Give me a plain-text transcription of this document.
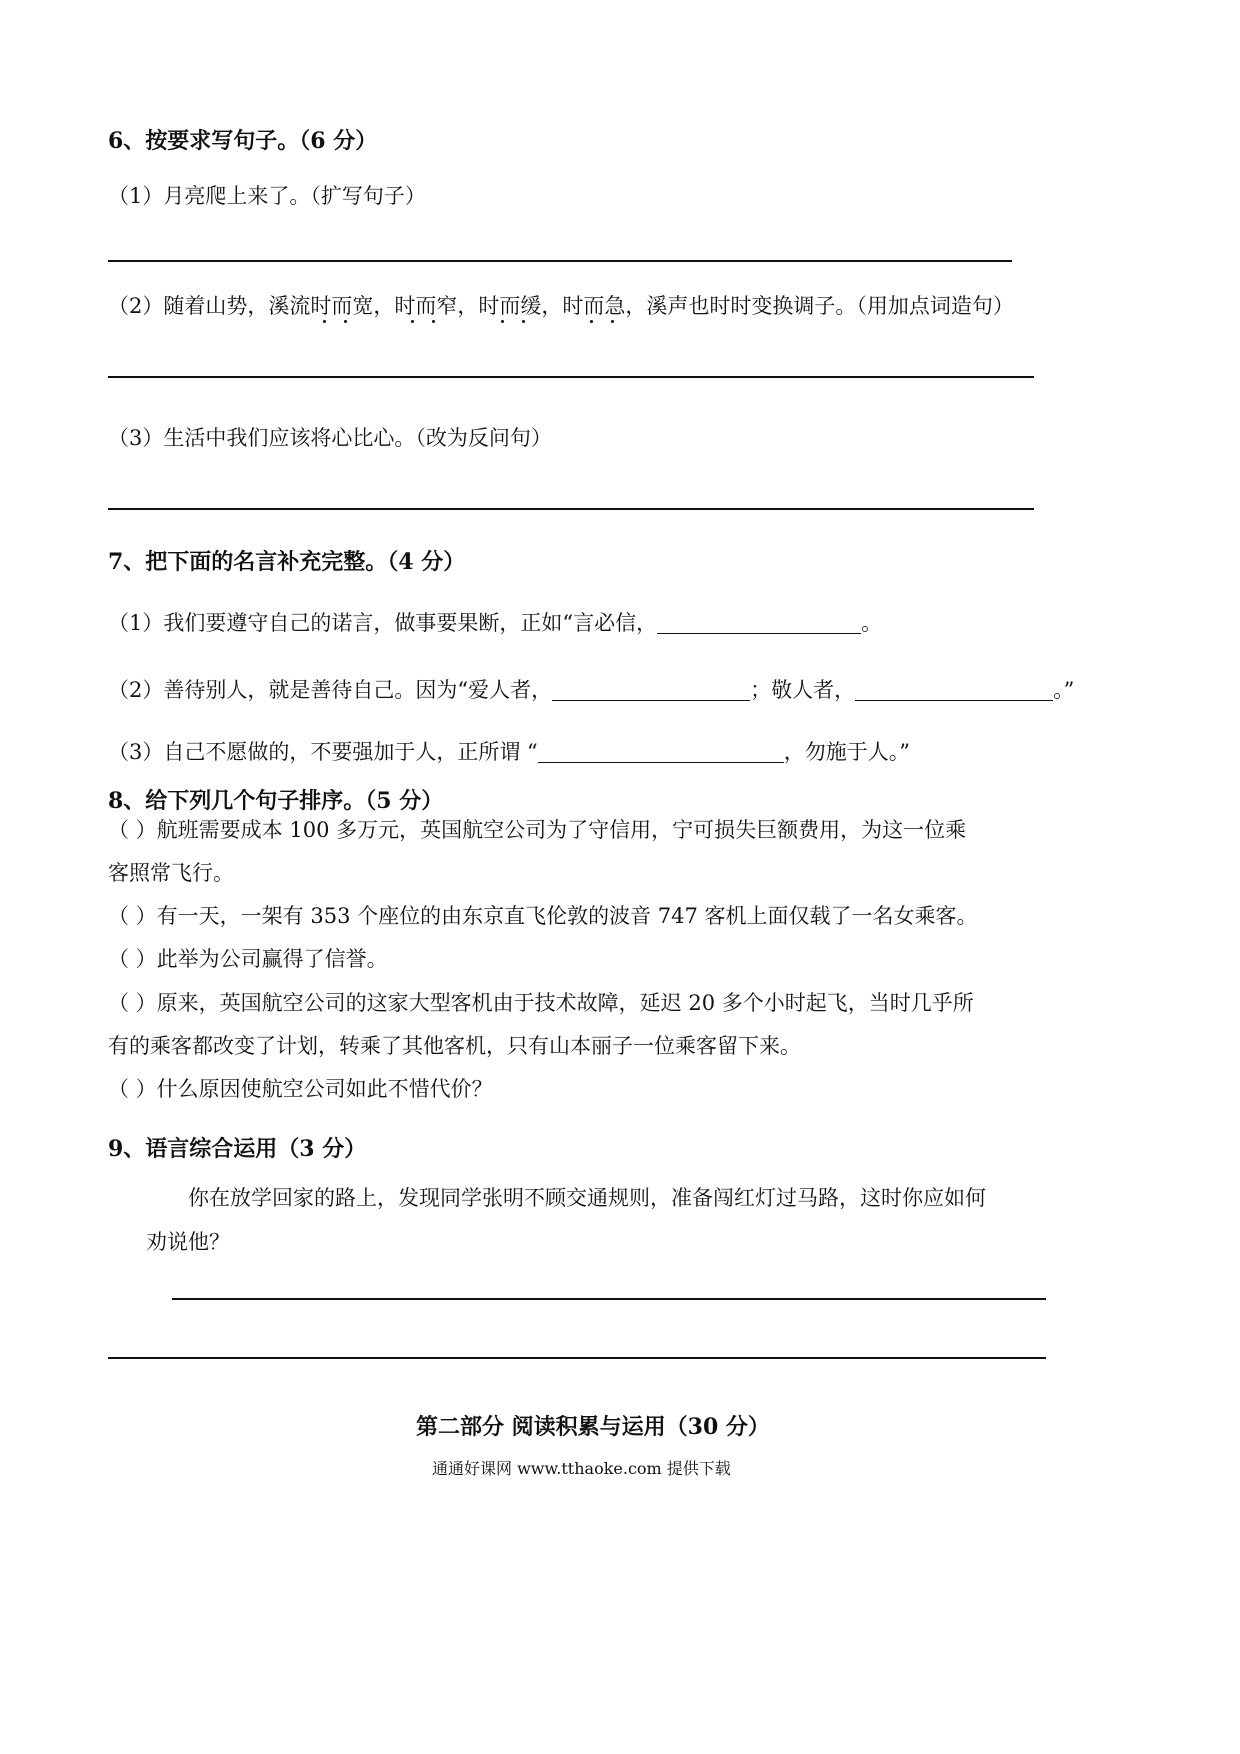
6、按要求写句子。（6 分）
（1）月亮爬上来了。（扩写句子）
（2）随着山势，溪流时而宽，时而窄，时而缓，时而急，溪声也时时变换调子。（用加点词造句）
（3）生活中我们应该将心比心。（改为反问句）
7、把下面的名言补充完整。（4 分）
（1）我们要遵守自己的诺言，做事要果断，正如“言必信，	。
（2）善待别人，就是善待自己。因为“爱人者，	；敬人者，	。”
（3）自己不愿做的，不要强加于人，正所谓 “	，勿施于人。”
8、给下列几个句子排序。（5 分）
（ ）航班需要成本 100 多万元，英国航空公司为了守信用，宁可损失巨额费用，为这一位乘
客照常飞行。
（ ）有一天，一架有 353 个座位的由东京直飞伦敦的波音 747 客机上面仅载了一名女乘客。
（ ）此举为公司赢得了信誉。
（ ）原来，英国航空公司的这家大型客机由于技术故障，延迟 20 多个小时起飞，当时几乎所
有的乘客都改变了计划，转乘了其他客机，只有山本丽子一位乘客留下来。
（ ）什么原因使航空公司如此不惜代价？
9、语言综合运用（3 分）
你在放学回家的路上，发现同学张明不顾交通规则，准备闯红灯过马路，这时你应如何
劝说他？
第二部分 阅读积累与运用（30 分）
通通好课网 www.tthaoke.com 提供下载
